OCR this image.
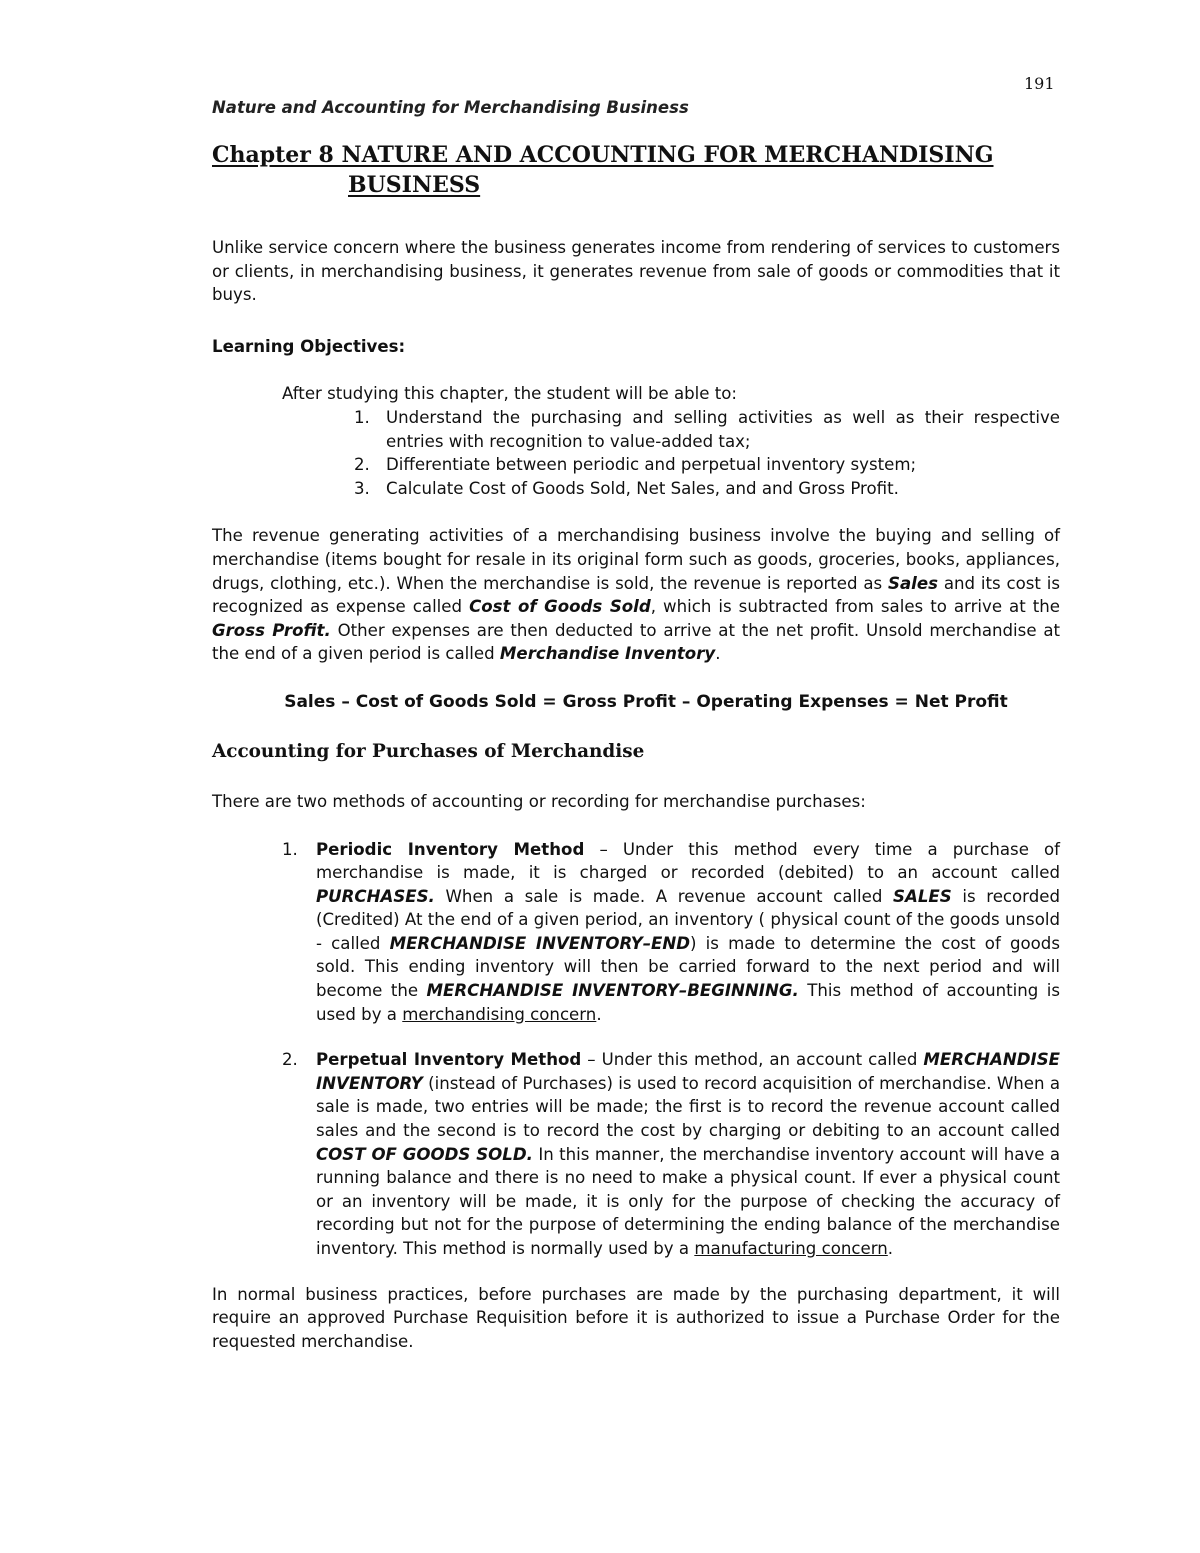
191
Nature and Accounting for Merchandising Business
Chapter 8 NATURE AND ACCOUNTING FOR MERCHANDISING
BUSINESS

Unlike service concern where the business generates income from rendering of services to customers or clients, in merchandising business, it generates revenue from sale of goods or commodities that it buys.

Learning Objectives:

After studying this chapter, the student will be able to:

1. Understand the purchasing and selling activities as well as their respective entries with recognition to value-added tax;
2. Differentiate between periodic and perpetual inventory system;
3. Calculate Cost of Goods Sold, Net Sales, and and Gross Profit.

The revenue generating activities of a merchandising business involve the buying and selling of merchandise (items bought for resale in its original form such as goods, groceries, books, appliances, drugs, clothing, etc.). When the merchandise is sold, the revenue is reported as Sales and its cost is recognized as expense called Cost of Goods Sold, which is subtracted from sales to arrive at the Gross Profit. Other expenses are then deducted to arrive at the net profit. Unsold merchandise at the end of a given period is called Merchandise Inventory.

Sales – Cost of Goods Sold = Gross Profit – Operating Expenses = Net Profit

Accounting for Purchases of Merchandise

There are two methods of accounting or recording for merchandise purchases:

1. Periodic Inventory Method – Under this method every time a purchase of merchandise is made, it is charged or recorded (debited) to an account called PURCHASES. When a sale is made. A revenue account called SALES is recorded (Credited) At the end of a given period, an inventory ( physical count of the goods unsold - called MERCHANDISE INVENTORY–END) is made to determine the cost of goods sold. This ending inventory will then be carried forward to the next period and will become the MERCHANDISE INVENTORY–BEGINNING. This method of accounting is used by a merchandising concern.

2. Perpetual Inventory Method – Under this method, an account called MERCHANDISE INVENTORY (instead of Purchases) is used to record acquisition of merchandise. When a sale is made, two entries will be made; the first is to record the revenue account called sales and the second is to record the cost by charging or debiting to an account called COST OF GOODS SOLD. In this manner, the merchandise inventory account will have a running balance and there is no need to make a physical count. If ever a physical count or an inventory will be made, it is only for the purpose of checking the accuracy of recording but not for the purpose of determining the ending balance of the merchandise inventory. This method is normally used by a manufacturing concern.

In normal business practices, before purchases are made by the purchasing department, it will require an approved Purchase Requisition before it is authorized to issue a Purchase Order for the requested merchandise.
